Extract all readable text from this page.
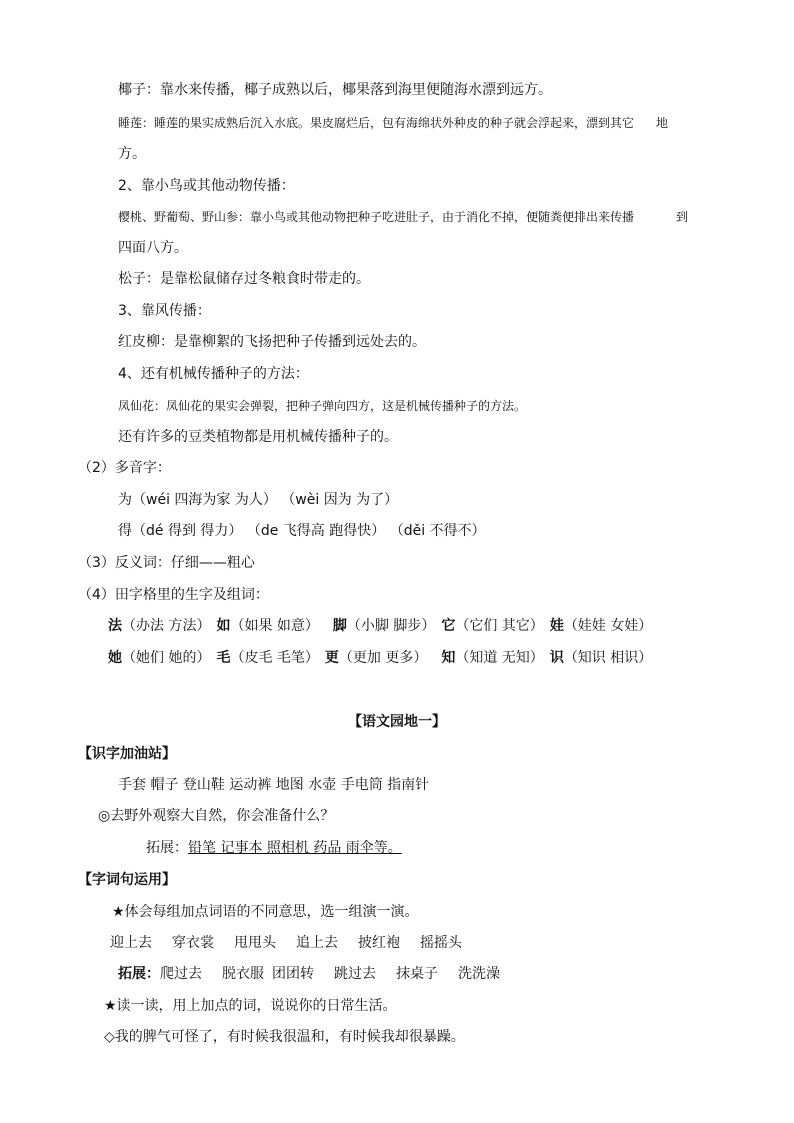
椰子：靠水来传播，椰子成熟以后，椰果落到海里便随海水漂到远方。
睡莲：睡莲的果实成熟后沉入水底。果皮腐烂后，包有海绵状外种皮的种子就会浮起来，漂到其它 地
方。
2、靠小鸟或其他动物传播：
樱桃、野葡萄、野山参：靠小鸟或其他动物把种子吃进肚子，由于消化不掉，便随粪便排出来传播	到
四面八方。
松子：是靠松鼠储存过冬粮食时带走的。
3、靠风传播：
红皮柳：是靠柳絮的飞扬把种子传播到远处去的。
4、还有机械传播种子的方法：
凤仙花：凤仙花的果实会弹裂，把种子弹向四方，这是机械传播种子的方法。
还有许多的豆类植物都是用机械传播种子的。
（2）多音字：
为（wéi 四海为家 为人） （wèi 因为 为了）
得（dé 得到 得力） （de 飞得高 跑得快） （děi 不得不）
（3）反义词：仔细——粗心
（4）田字格里的生字及组词：
法（办法 方法） 如（如果 如意） 脚（小脚 脚步） 它（它们 其它） 娃（娃娃 女娃）
她（她们 她的） 毛（皮毛 毛笔） 更（更加 更多） 知（知道 无知） 识（知识 相识）
【语文园地一】
【识字加油站】
手套 帽子 登山鞋 运动裤 地图 水壶 手电筒 指南针
◎去野外观察大自然，你会准备什么？
拓展：铅笔 记事本 照相机 药品 雨伞等。
【字词句运用】
★体会每组加点词语的不同意思，选一组演一演。
迎上去 穿衣裳 甩甩头 追上去 披红袍 摇摇头
拓展：爬过去 脱衣服 团团转 跳过去 抹桌子 洗洗澡
★读一读，用上加点的词，说说你的日常生活。
◇我的脾气可怪了，有时候我很温和，有时候我却很暴躁。
